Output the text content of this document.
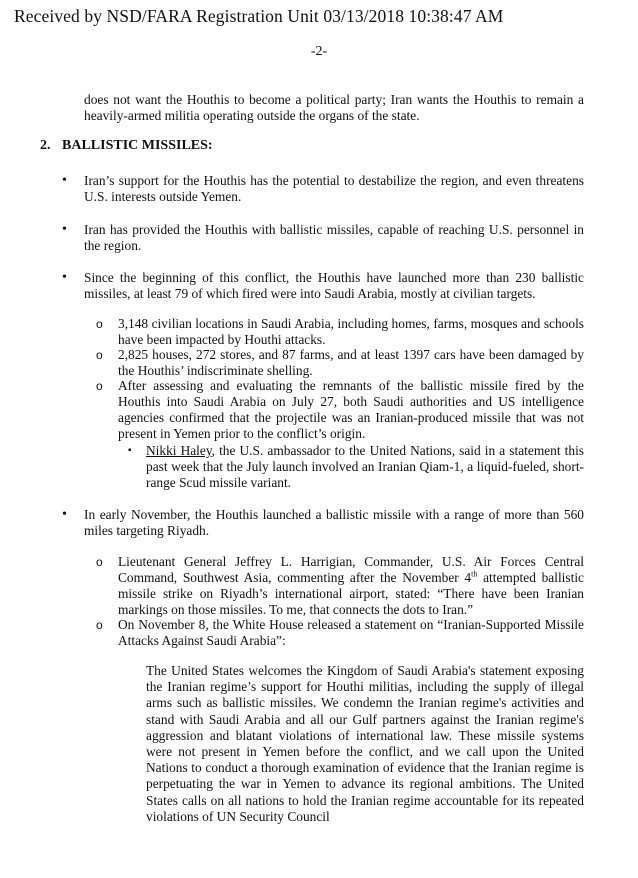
Received by NSD/FARA Registration Unit 03/13/2018 10:38:47 AM
-2-
does not want the Houthis to become a political party; Iran wants the Houthis to remain a heavily-armed militia operating outside the organs of the state.
2. BALLISTIC MISSILES:
• Iran’s support for the Houthis has the potential to destabilize the region, and even threatens U.S. interests outside Yemen.
• Iran has provided the Houthis with ballistic missiles, capable of reaching U.S. personnel in the region.
• Since the beginning of this conflict, the Houthis have launched more than 230 ballistic missiles, at least 79 of which fired were into Saudi Arabia, mostly at civilian targets.
o 3,148 civilian locations in Saudi Arabia, including homes, farms, mosques and schools have been impacted by Houthi attacks.
o 2,825 houses, 272 stores, and 87 farms, and at least 1397 cars have been damaged by the Houthis’ indiscriminate shelling.
o After assessing and evaluating the remnants of the ballistic missile fired by the Houthis into Saudi Arabia on July 27, both Saudi authorities and US intelligence agencies confirmed that the projectile was an Iranian-produced missile that was not present in Yemen prior to the conflict’s origin.
▪ Nikki Haley, the U.S. ambassador to the United Nations, said in a statement this past week that the July launch involved an Iranian Qiam-1, a liquid-fueled, short-range Scud missile variant.
• In early November, the Houthis launched a ballistic missile with a range of more than 560 miles targeting Riyadh.
o Lieutenant General Jeffrey L. Harrigian, Commander, U.S. Air Forces Central Command, Southwest Asia, commenting after the November 4th attempted ballistic missile strike on Riyadh’s international airport, stated: “There have been Iranian markings on those missiles. To me, that connects the dots to Iran.”
o On November 8, the White House released a statement on “Iranian-Supported Missile Attacks Against Saudi Arabia”:
The United States welcomes the Kingdom of Saudi Arabia's statement exposing the Iranian regime’s support for Houthi militias, including the supply of illegal arms such as ballistic missiles. We condemn the Iranian regime's activities and stand with Saudi Arabia and all our Gulf partners against the Iranian regime's aggression and blatant violations of international law. These missile systems were not present in Yemen before the conflict, and we call upon the United Nations to conduct a thorough examination of evidence that the Iranian regime is perpetuating the war in Yemen to advance its regional ambitions. The United States calls on all nations to hold the Iranian regime accountable for its repeated violations of UN Security Council
